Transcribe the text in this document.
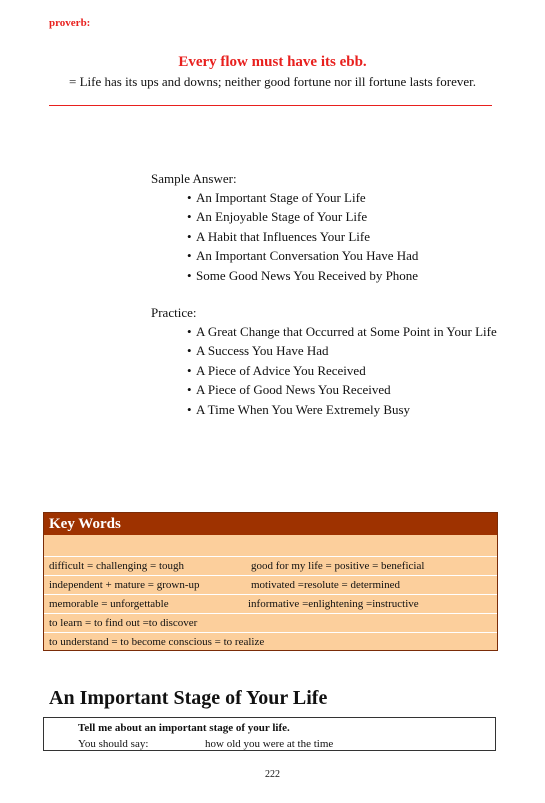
proverb:
Every flow must have its ebb.
= Life has its ups and downs; neither good fortune nor ill fortune lasts forever.
Sample Answer:
• An Important Stage of Your Life
• An Enjoyable Stage of Your Life
• A Habit that Influences Your Life
• An Important Conversation You Have Had
• Some Good News You Received by Phone
Practice:
• A Great Change that Occurred at Some Point in Your Life
• A Success You Have Had
• A Piece of Advice You Received
• A Piece of Good News You Received
• A Time When You Were Extremely Busy
Key Words
difficult = challenging = tough	good for my life = positive = beneficial
independent + mature = grown-up	motivated =resolute = determined
memorable = unforgettable	informative =enlightening =instructive
to learn = to find out =to discover
to understand = to become conscious = to realize
An Important Stage of Your Life
Tell me about an important stage of your life.
You should say:	how old you were at the time
222
